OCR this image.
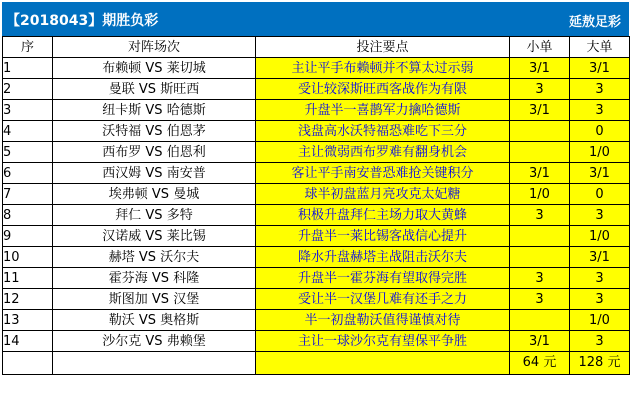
【2018043】期胜负彩	延敖足彩
序	对阵场次	投注要点	小单	大单
1	布赖顿 VS 莱切城	主让平手布赖顿并不算太过示弱	3/1	3/1
2	曼联 VS 斯旺西	受让较深斯旺西客战作为有限	3	3
3	纽卡斯 VS 哈德斯	升盘半一喜鹊军力擒哈德斯	3/1	3
4	沃特福 VS 伯恩茅	浅盘高水沃特福恐难吃下三分		0
5	西布罗 VS 伯恩利	主让微弱西布罗难有翻身机会		1/0
6	西汉姆 VS 南安普	客让平手南安普恐难抢关键积分	3/1	3/1
7	埃弗顿 VS 曼城	球半初盘蓝月亮攻克太妃糖	1/0	0
8	拜仁 VS 多特	积极升盘拜仁主场力取大黄蜂	3	3
9	汉诺威 VS 莱比锡	升盘半一莱比锡客战信心提升		1/0
10	赫塔 VS 沃尔夫	降水升盘赫塔主战阻击沃尔夫		3/1
11	霍芬海 VS 科隆	升盘半一霍芬海有望取得完胜	3	3
12	斯图加 VS 汉堡	受让半一汉堡几难有还手之力	3	3
13	勒沃 VS 奥格斯	半一初盘勒沃值得谨慎对待		1/0
14	沙尔克 VS 弗赖堡	主让一球沙尔克有望保平争胜	3/1	3
			64 元	128 元
